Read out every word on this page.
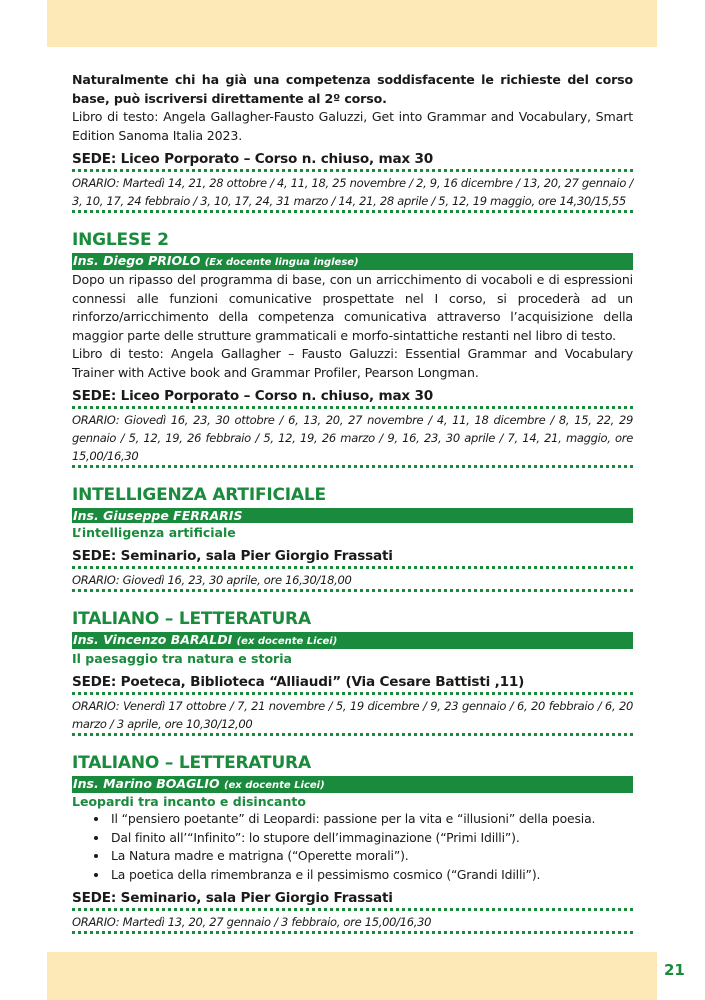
Naturalmente chi ha già una competenza soddisfacente le richieste del corso base, può iscriversi direttamente al 2º corso.

Libro di testo: Angela Gallagher-Fausto Galuzzi, Get into Grammar and Vocabulary, Smart Edition Sanoma Italia 2023.

SEDE: Liceo Porporato – Corso n. chiuso, max 30

ORARIO: Martedì 14, 21, 28 ottobre / 4, 11, 18, 25 novembre / 2, 9, 16 dicembre / 13, 20, 27 gennaio / 3, 10, 17, 24 febbraio / 3, 10, 17, 24, 31 marzo / 14, 21, 28 aprile / 5, 12, 19 maggio, ore 14,30/15,55

INGLESE 2
Ins. Diego PRIOLO (Ex docente lingua inglese)

Dopo un ripasso del programma di base, con un arricchimento di vocaboli e di espressioni connessi alle funzioni comunicative prospettate nel I corso, si procederà ad un rinforzo/arricchimento della competenza comunicativa attraverso l’acquisizione della maggior parte delle strutture grammaticali e morfo-sintattiche restanti nel libro di testo.

Libro di testo: Angela Gallagher – Fausto Galuzzi: Essential Grammar and Vocabulary Trainer with Active book and Grammar Profiler, Pearson Longman.

SEDE: Liceo Porporato – Corso n. chiuso, max 30

ORARIO: Giovedì 16, 23, 30 ottobre / 6, 13, 20, 27 novembre / 4, 11, 18 dicembre / 8, 15, 22, 29 gennaio / 5, 12, 19, 26 febbraio / 5, 12, 19, 26 marzo / 9, 16, 23, 30 aprile / 7, 14, 21, maggio, ore 15,00/16,30

INTELLIGENZA ARTIFICIALE
Ins. Giuseppe FERRARIS

L’intelligenza artificiale

SEDE: Seminario, sala Pier Giorgio Frassati

ORARIO: Giovedì 16, 23, 30 aprile, ore 16,30/18,00

ITALIANO – LETTERATURA
Ins. Vincenzo BARALDI (ex docente Licei)

Il paesaggio tra natura e storia

SEDE: Poeteca, Biblioteca “Alliaudi” (Via Cesare Battisti ,11)

ORARIO: Venerdì 17 ottobre / 7, 21 novembre / 5, 19 dicembre / 9, 23 gennaio / 6, 20 febbraio / 6, 20 marzo / 3 aprile, ore 10,30/12,00

ITALIANO – LETTERATURA
Ins. Marino BOAGLIO (ex docente Licei)

Leopardi tra incanto e disincanto

• Il “pensiero poetante” di Leopardi: passione per la vita e “illusioni” della poesia.
• Dal finito all’“Infinito”: lo stupore dell’immaginazione (“Primi Idilli”).
• La Natura madre e matrigna (“Operette morali”).
• La poetica della rimembranza e il pessimismo cosmico (“Grandi Idilli”).

SEDE: Seminario, sala Pier Giorgio Frassati

ORARIO: Martedì 13, 20, 27 gennaio / 3 febbraio, ore 15,00/16,30

21
